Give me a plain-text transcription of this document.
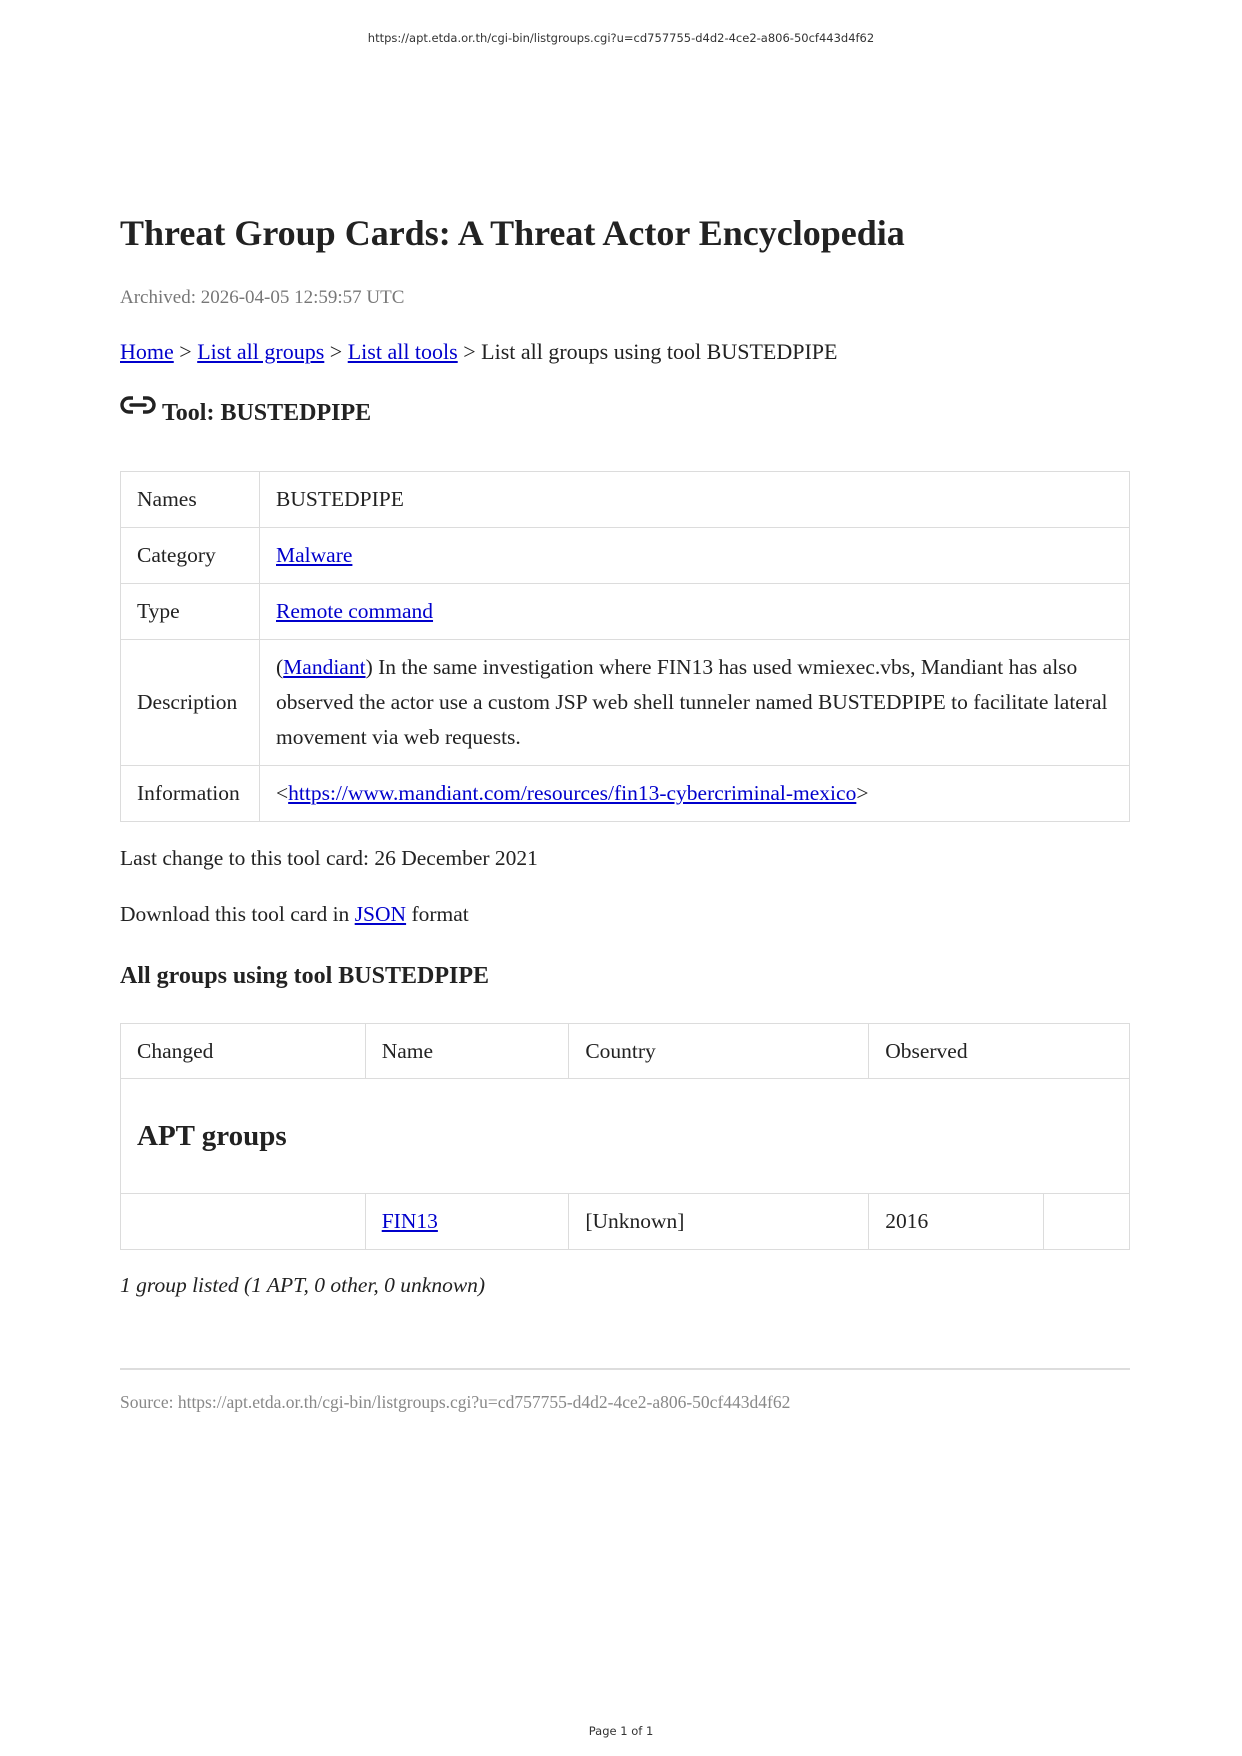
https://apt.etda.or.th/cgi-bin/listgroups.cgi?u=cd757755-d4d2-4ce2-a806-50cf443d4f62
Threat Group Cards: A Threat Actor Encyclopedia
Archived: 2026-04-05 12:59:57 UTC
Home > List all groups > List all tools > List all groups using tool BUSTEDPIPE
Tool: BUSTEDPIPE
Names	BUSTEDPIPE
Category	Malware
Type	Remote command
Description	(Mandiant) In the same investigation where FIN13 has used wmiexec.vbs, Mandiant has also observed the actor use a custom JSP web shell tunneler named BUSTEDPIPE to facilitate lateral movement via web requests.
Information	<https://www.mandiant.com/resources/fin13-cybercriminal-mexico>
Last change to this tool card: 26 December 2021
Download this tool card in JSON format
All groups using tool BUSTEDPIPE
Changed	Name	Country	Observed	
APT groups				
	FIN13	[Unknown]	2016	
1 group listed (1 APT, 0 other, 0 unknown)
Source: https://apt.etda.or.th/cgi-bin/listgroups.cgi?u=cd757755-d4d2-4ce2-a806-50cf443d4f62
Page 1 of 1
